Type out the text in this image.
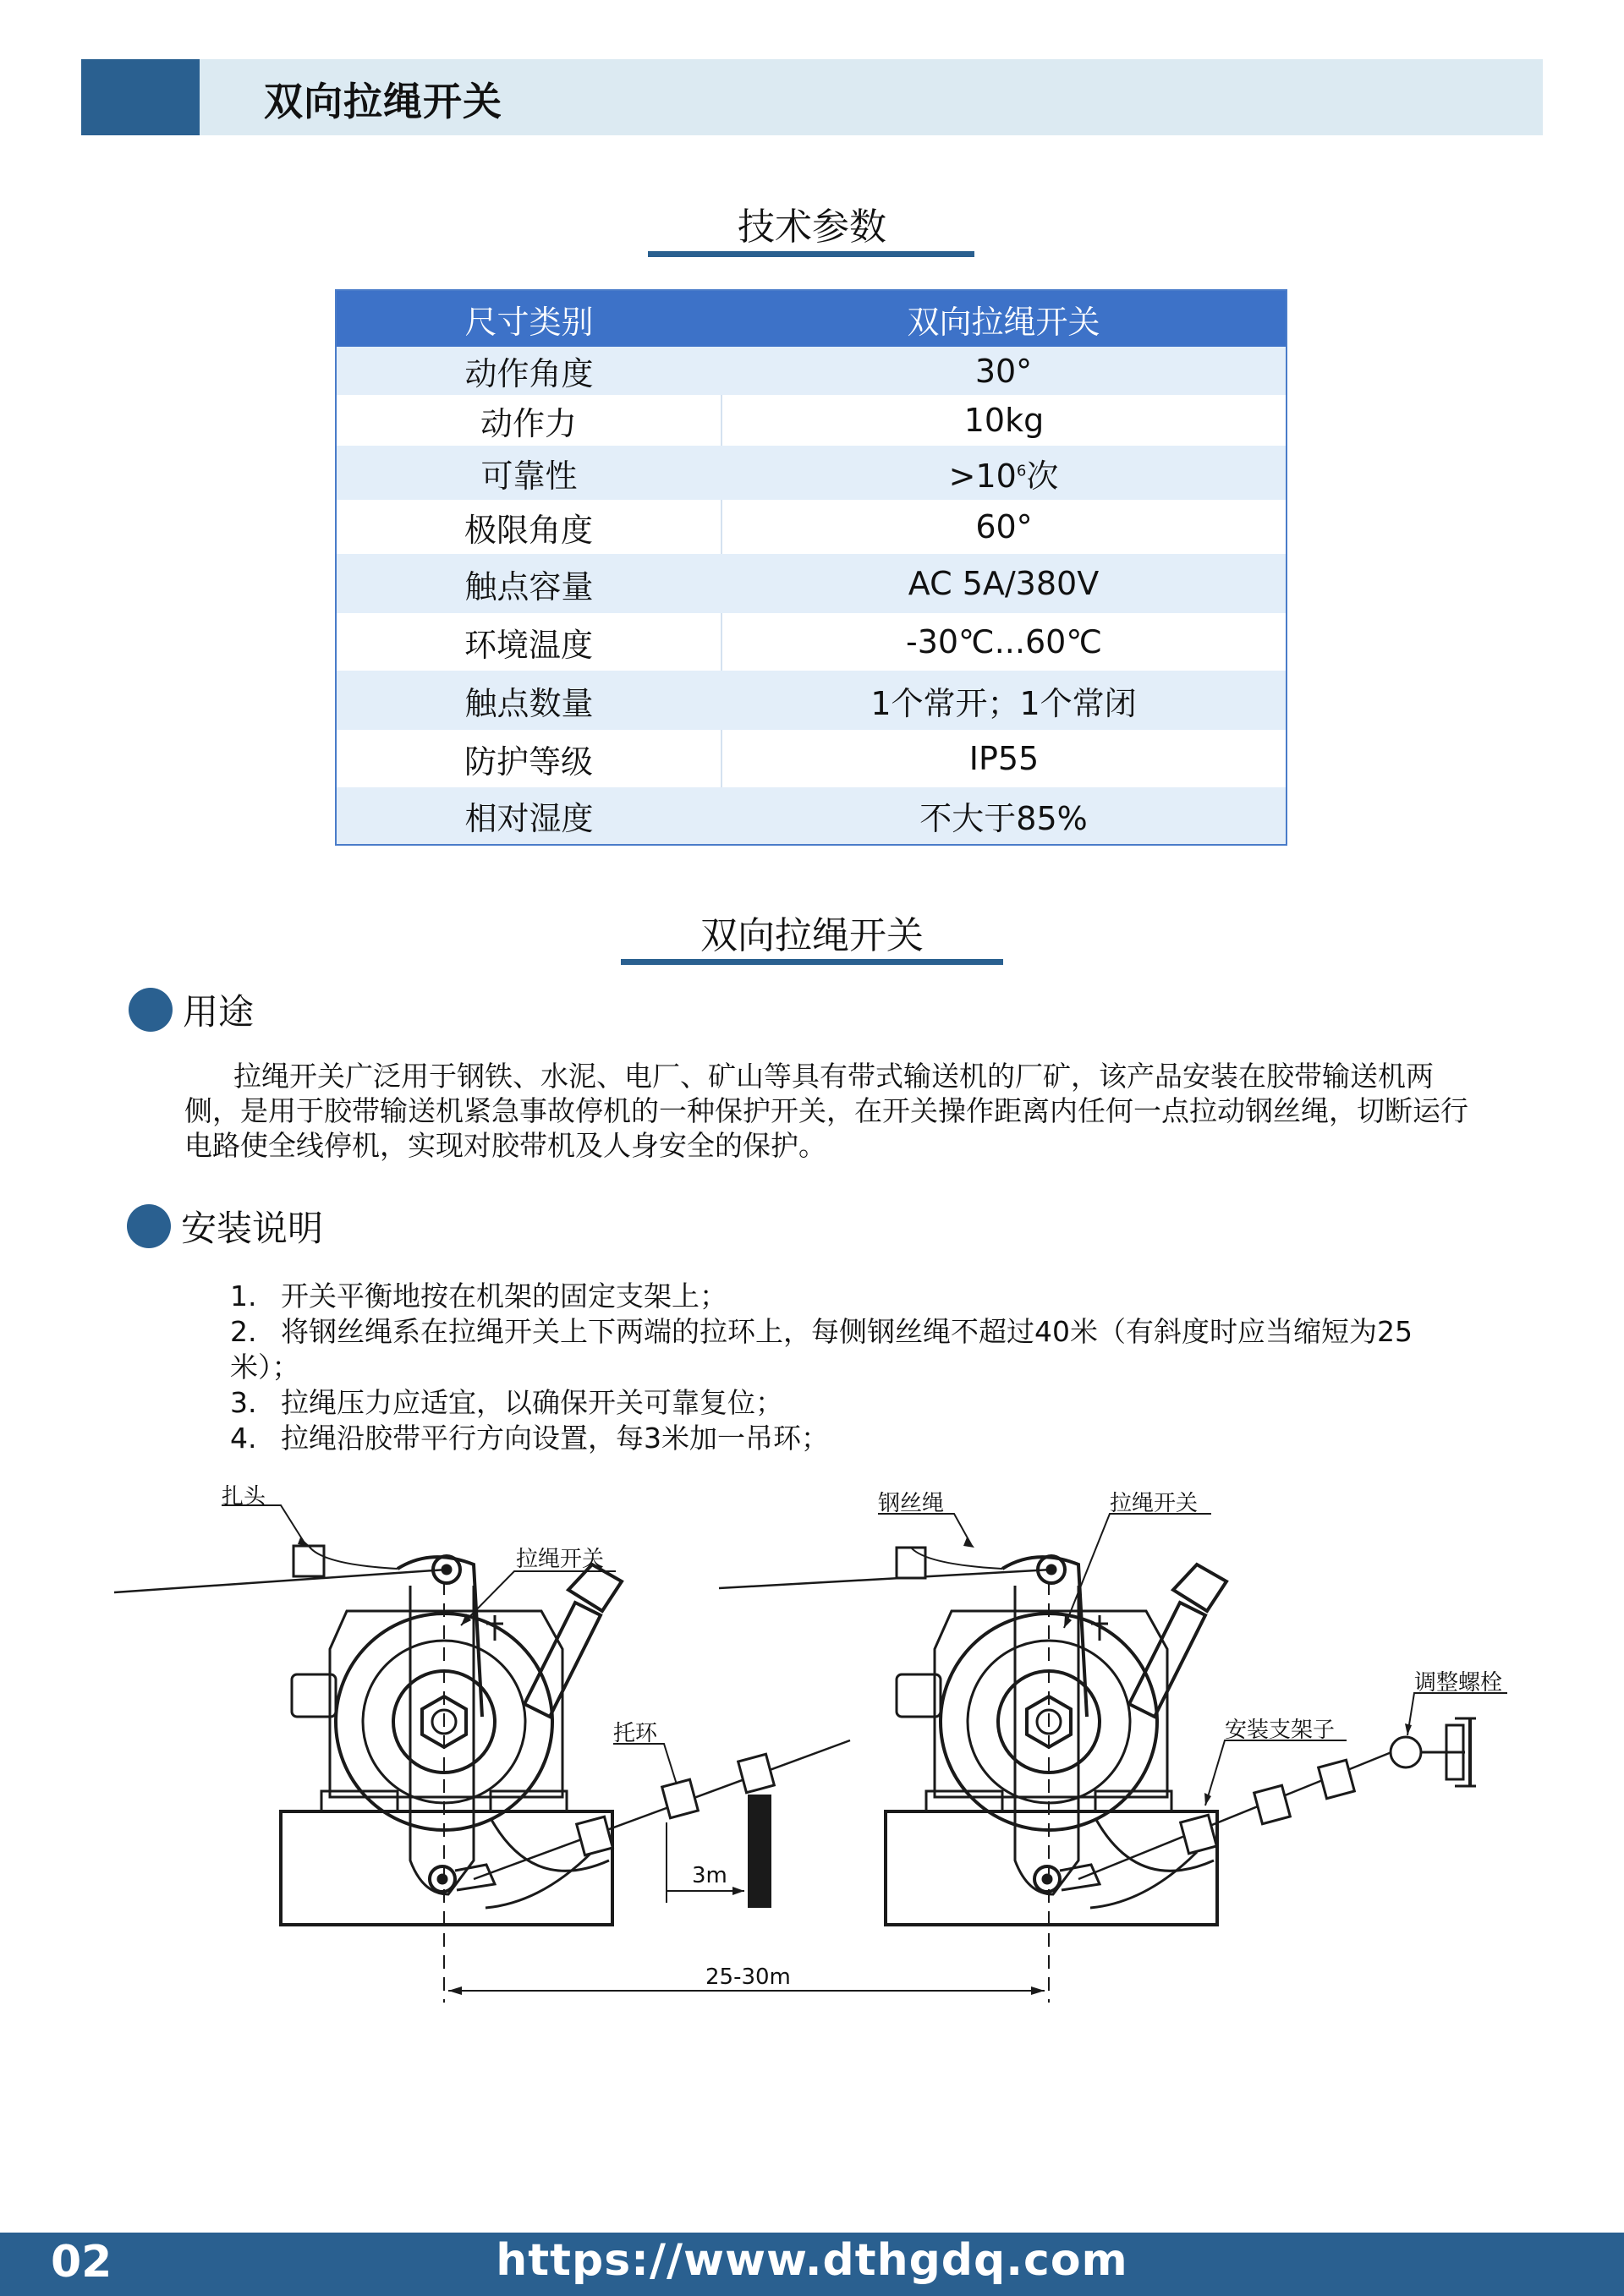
双向拉绳开关
技术参数
尺寸类别	双向拉绳开关
动作角度	30°
动作力	10kg
可靠性	$>10^6$次
极限角度	60°
触点容量	AC 5A/380V
环境温度	-30℃...60℃
触点数量	1个常开；1个常闭
防护等级	IP55
相对湿度	不大于85%
双向拉绳开关
用途
拉绳开关广泛用于钢铁、水泥、电厂、矿山等具有带式输送机的厂矿，该产品安装在胶带输送机两侧，是用于胶带输送机紧急事故停机的一种保护开关，在开关操作距离内任何一点拉动钢丝绳，切断运行电路使全线停机，实现对胶带机及人身安全的保护。
安装说明
1. 开关平衡地按在机架的固定支架上；
2. 将钢丝绳系在拉绳开关上下两端的拉环上，每侧钢丝绳不超过40米（有斜度时应当缩短为25
米）；
3. 拉绳压力应适宜，以确保开关可靠复位；
4. 拉绳沿胶带平行方向设置，每3米加一吊环；
扎头
拉绳开关
托环
3m
钢丝绳	拉绳开关
安装支架子
调整螺栓
25-30m
02	https://www.dthgdq.com
